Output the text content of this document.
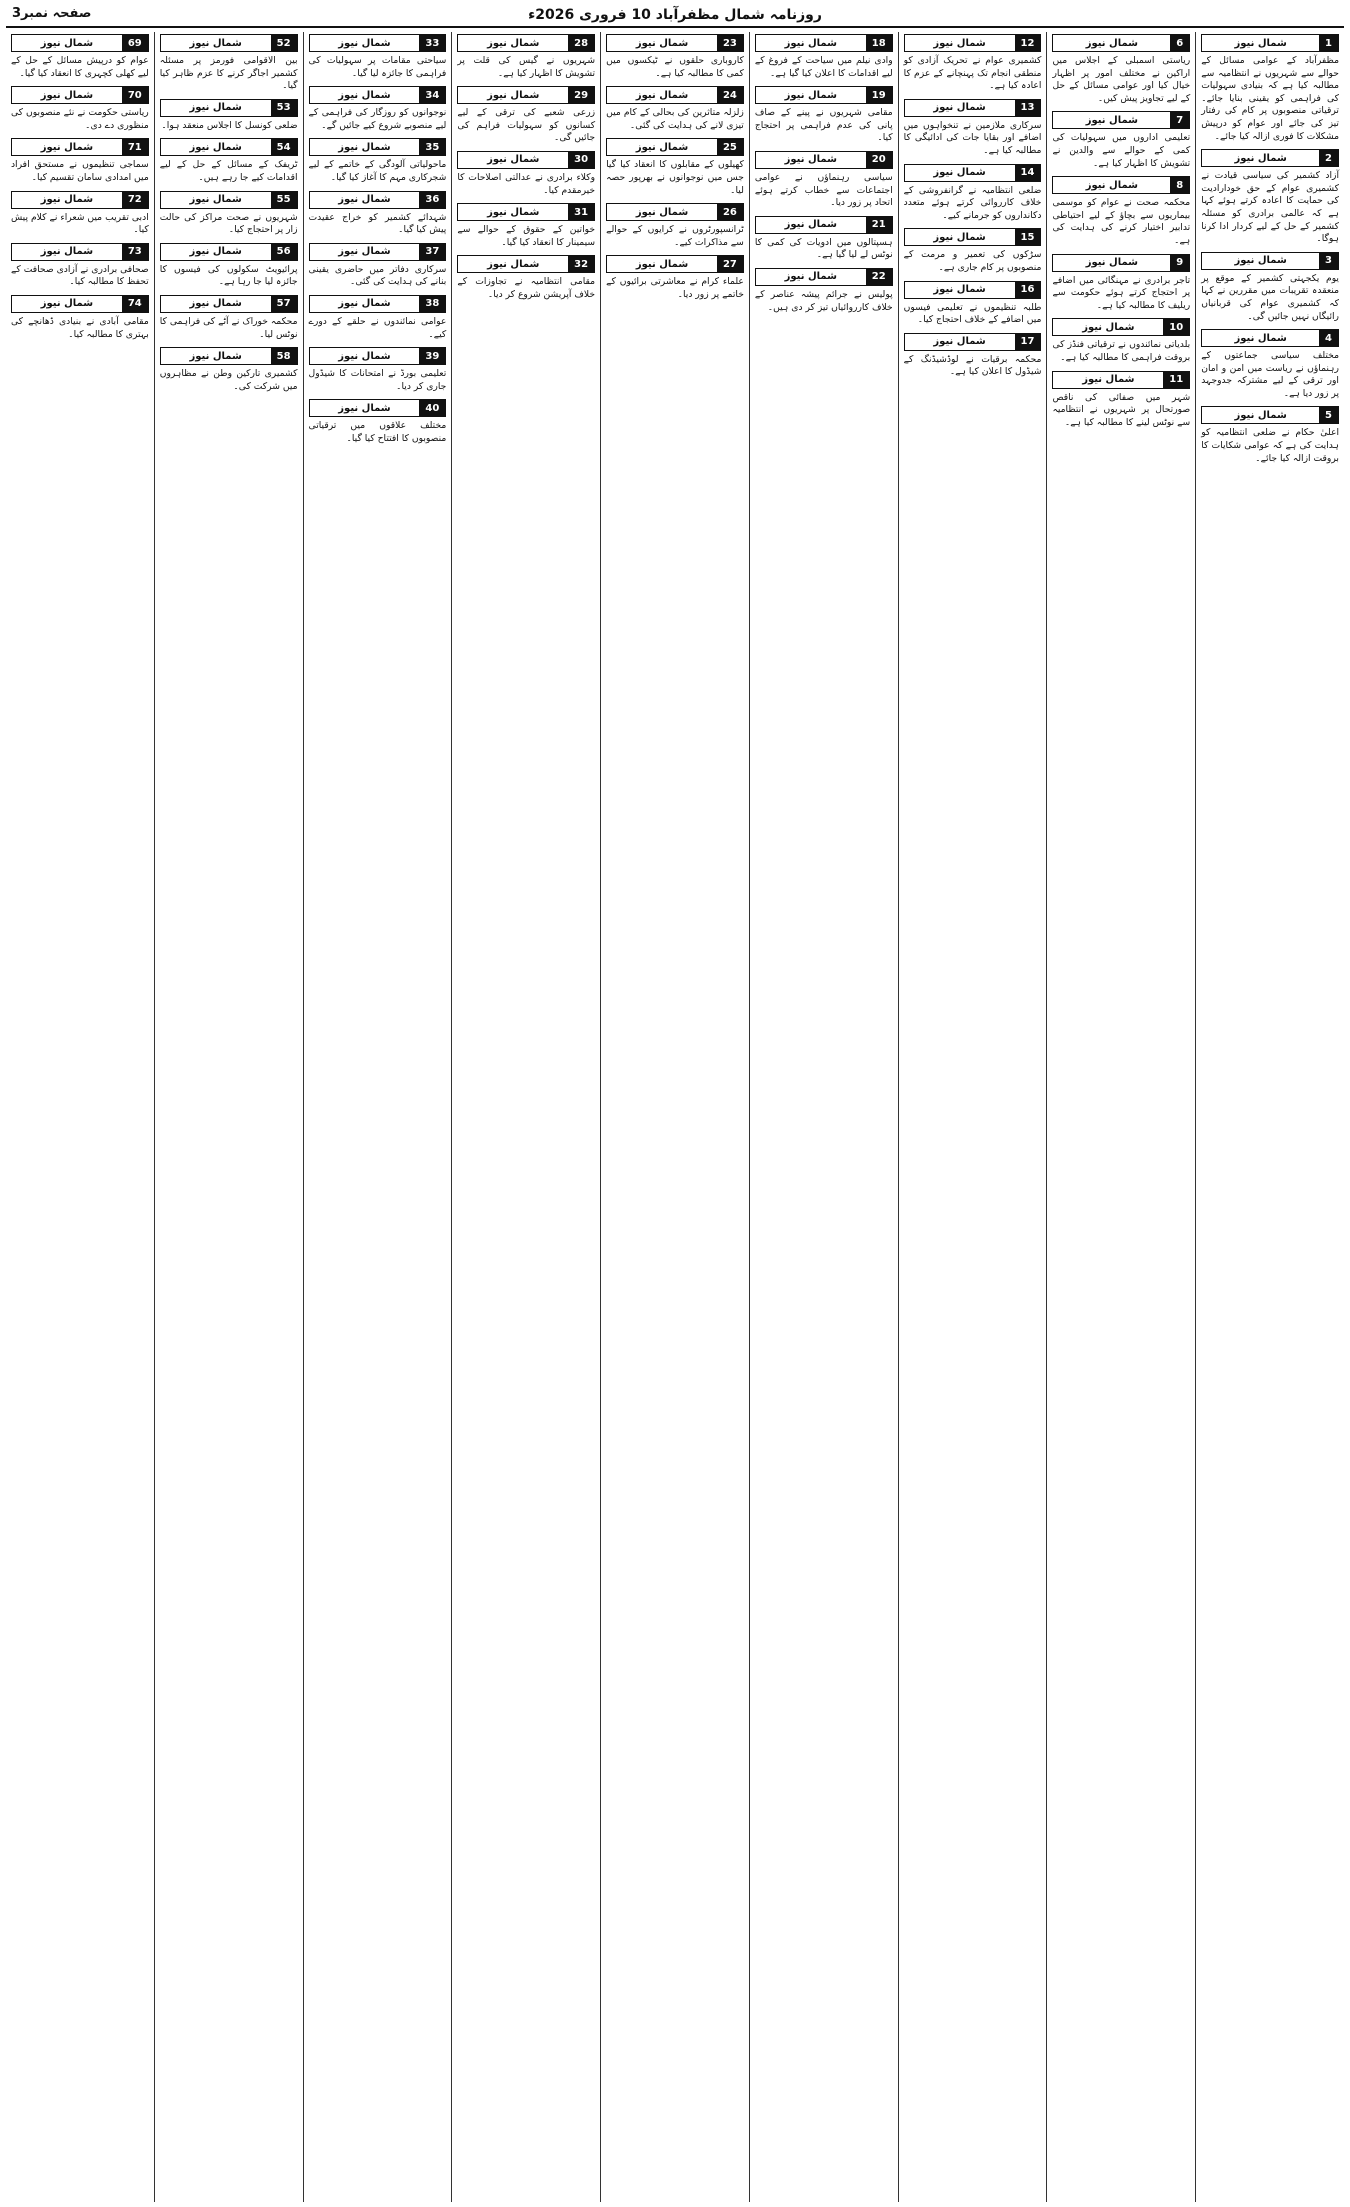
صفحہ نمبر3	روزنامہ شمال مظفرآباد 10 فروری 2026ء
شمال نیوز	1
مظفرآباد کے عوامی مسائل کے حوالے سے شہریوں نے انتظامیہ سے مطالبہ کیا ہے کہ بنیادی سہولیات کی فراہمی کو یقینی بنایا جائے۔ ترقیاتی منصوبوں پر کام کی رفتار تیز کی جائے اور عوام کو درپیش مشکلات کا فوری ازالہ کیا جائے۔
شمال نیوز	2
آزاد کشمیر کی سیاسی قیادت نے کشمیری عوام کے حق خودارادیت کی حمایت کا اعادہ کرتے ہوئے کہا ہے کہ عالمی برادری کو مسئلہ کشمیر کے حل کے لیے کردار ادا کرنا ہوگا۔
شمال نیوز	3
یوم یکجہتی کشمیر کے موقع پر منعقدہ تقریبات میں مقررین نے کہا کہ کشمیری عوام کی قربانیاں رائیگاں نہیں جائیں گی۔
شمال نیوز	4
مختلف سیاسی جماعتوں کے رہنماؤں نے ریاست میں امن و امان اور ترقی کے لیے مشترکہ جدوجہد پر زور دیا ہے۔
شمال نیوز	5
اعلیٰ حکام نے ضلعی انتظامیہ کو ہدایت کی ہے کہ عوامی شکایات کا بروقت ازالہ کیا جائے۔
شمال نیوز	6
ریاستی اسمبلی کے اجلاس میں اراکین نے مختلف امور پر اظہار خیال کیا اور عوامی مسائل کے حل کے لیے تجاویز پیش کیں۔
شمال نیوز	7
تعلیمی اداروں میں سہولیات کی کمی کے حوالے سے والدین نے تشویش کا اظہار کیا ہے۔
شمال نیوز	8
محکمہ صحت نے عوام کو موسمی بیماریوں سے بچاؤ کے لیے احتیاطی تدابیر اختیار کرنے کی ہدایت کی ہے۔
شمال نیوز	9
تاجر برادری نے مہنگائی میں اضافے پر احتجاج کرتے ہوئے حکومت سے ریلیف کا مطالبہ کیا ہے۔
شمال نیوز	10
بلدیاتی نمائندوں نے ترقیاتی فنڈز کی بروقت فراہمی کا مطالبہ کیا ہے۔
شمال نیوز	11
شہر میں صفائی کی ناقص صورتحال پر شہریوں نے انتظامیہ سے نوٹس لینے کا مطالبہ کیا ہے۔
شمال نیوز	12
کشمیری عوام نے تحریک آزادی کو منطقی انجام تک پہنچانے کے عزم کا اعادہ کیا ہے۔
شمال نیوز	13
سرکاری ملازمین نے تنخواہوں میں اضافے اور بقایا جات کی ادائیگی کا مطالبہ کیا ہے۔
شمال نیوز	14
ضلعی انتظامیہ نے گرانفروشی کے خلاف کارروائی کرتے ہوئے متعدد دکانداروں کو جرمانے کیے۔
شمال نیوز	15
سڑکوں کی تعمیر و مرمت کے منصوبوں پر کام جاری ہے۔
شمال نیوز	16
طلبہ تنظیموں نے تعلیمی فیسوں میں اضافے کے خلاف احتجاج کیا۔
شمال نیوز	17
محکمہ برقیات نے لوڈشیڈنگ کے شیڈول کا اعلان کیا ہے۔
شمال نیوز	18
وادی نیلم میں سیاحت کے فروغ کے لیے اقدامات کا اعلان کیا گیا ہے۔
شمال نیوز	19
مقامی شہریوں نے پینے کے صاف پانی کی عدم فراہمی پر احتجاج کیا۔
شمال نیوز	20
سیاسی رہنماؤں نے عوامی اجتماعات سے خطاب کرتے ہوئے اتحاد پر زور دیا۔
شمال نیوز	21
ہسپتالوں میں ادویات کی کمی کا نوٹس لے لیا گیا ہے۔
شمال نیوز	22
پولیس نے جرائم پیشہ عناصر کے خلاف کارروائیاں تیز کر دی ہیں۔
شمال نیوز	23
کاروباری حلقوں نے ٹیکسوں میں کمی کا مطالبہ کیا ہے۔
شمال نیوز	24
زلزلہ متاثرین کی بحالی کے کام میں تیزی لانے کی ہدایت کی گئی۔
شمال نیوز	25
کھیلوں کے مقابلوں کا انعقاد کیا گیا جس میں نوجوانوں نے بھرپور حصہ لیا۔
شمال نیوز	26
ٹرانسپورٹروں نے کرایوں کے حوالے سے مذاکرات کیے۔
شمال نیوز	27
علماء کرام نے معاشرتی برائیوں کے خاتمے پر زور دیا۔
شمال نیوز	28
شہریوں نے گیس کی قلت پر تشویش کا اظہار کیا ہے۔
شمال نیوز	29
زرعی شعبے کی ترقی کے لیے کسانوں کو سہولیات فراہم کی جائیں گی۔
شمال نیوز	30
وکلاء برادری نے عدالتی اصلاحات کا خیرمقدم کیا۔
شمال نیوز	31
خواتین کے حقوق کے حوالے سے سیمینار کا انعقاد کیا گیا۔
شمال نیوز	32
مقامی انتظامیہ نے تجاوزات کے خلاف آپریشن شروع کر دیا۔
شمال نیوز	33
سیاحتی مقامات پر سہولیات کی فراہمی کا جائزہ لیا گیا۔
شمال نیوز	34
نوجوانوں کو روزگار کی فراہمی کے لیے منصوبے شروع کیے جائیں گے۔
شمال نیوز	35
ماحولیاتی آلودگی کے خاتمے کے لیے شجرکاری مہم کا آغاز کیا گیا۔
شمال نیوز	36
شہدائے کشمیر کو خراج عقیدت پیش کیا گیا۔
شمال نیوز	37
سرکاری دفاتر میں حاضری یقینی بنانے کی ہدایت کی گئی۔
شمال نیوز	38
عوامی نمائندوں نے حلقے کے دورے کیے۔
شمال نیوز	39
تعلیمی بورڈ نے امتحانات کا شیڈول جاری کر دیا۔
شمال نیوز	40
مختلف علاقوں میں ترقیاتی منصوبوں کا افتتاح کیا گیا۔
شمال نیوز	52
بین الاقوامی فورمز پر مسئلہ کشمیر اجاگر کرنے کا عزم ظاہر کیا گیا۔
شمال نیوز	53
ضلعی کونسل کا اجلاس منعقد ہوا۔
شمال نیوز	54
ٹریفک کے مسائل کے حل کے لیے اقدامات کیے جا رہے ہیں۔
شمال نیوز	55
شہریوں نے صحت مراکز کی حالت زار پر احتجاج کیا۔
شمال نیوز	56
پرائیویٹ سکولوں کی فیسوں کا جائزہ لیا جا رہا ہے۔
شمال نیوز	57
محکمہ خوراک نے آٹے کی فراہمی کا نوٹس لیا۔
شمال نیوز	58
کشمیری تارکین وطن نے مظاہروں میں شرکت کی۔
شمال نیوز	69
عوام کو درپیش مسائل کے حل کے لیے کھلی کچہری کا انعقاد کیا گیا۔
شمال نیوز	70
ریاستی حکومت نے نئے منصوبوں کی منظوری دے دی۔
شمال نیوز	71
سماجی تنظیموں نے مستحق افراد میں امدادی سامان تقسیم کیا۔
شمال نیوز	72
ادبی تقریب میں شعراء نے کلام پیش کیا۔
شمال نیوز	73
صحافی برادری نے آزادی صحافت کے تحفظ کا مطالبہ کیا۔
شمال نیوز	74
مقامی آبادی نے بنیادی ڈھانچے کی بہتری کا مطالبہ کیا۔
